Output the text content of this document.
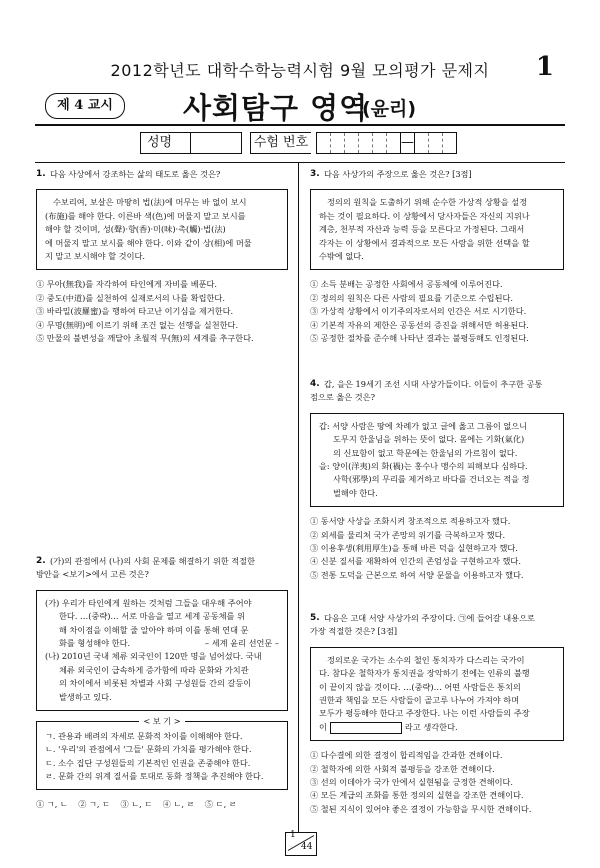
2012학년도 대학수학능력시험 9월 모의평가 문제지	1
제 4 교시	사회탐구 영역
(윤리)
성명	수험 번호	—

1. 다음 사상에서 강조하는 삶의 태도로 옳은 것은?

수보리여, 보살은 마땅히 법(法)에 머무는 바 없이 보시

(布施)를 해야 한다. 이른바 색(色)에 머물지 말고 보시를
해야 할 것이며, 성(聲)·향(香)·미(味)·촉(觸)·법(法)
에 머물지 말고 보시를 해야 한다. 이와 같이 상(相)에 머물
지 말고 보시해야 할 것이다.
① 무아(無我)를 자각하여 타인에게 자비를 베푼다.
② 중도(中道)를 실천하여 실재로서의 나를 확립한다.
③ 바라밀(波羅蜜)을 행하여 타고난 이기심을 제거한다.
④ 무명(無明)에 이르기 위해 조건 없는 선행을 실천한다.
⑤ 만물의 불변성을 깨달아 초월적 무(無)의 세계를 추구한다.

2. (가)의 관점에서 (나)의 사회 문제를 해결하기 위한 적절한

방안을 <보기>에서 고른 것은?
(가) 우리가 타인에게 원하는 것처럼 그들을 대우해 주어야
한다. …(중략)… 서로 마음을 열고 세계 공동체를 위
해 차이점을 이해할 줄 알아야 하며 이를 통해 연대 문
화를 형성해야 한다.	– 세계 윤리 선언문 –
(나) 2010년 국내 체류 외국인이 120만 명을 넘어섰다. 국내
체류 외국인이 급속하게 증가함에 따라 문화와 가치관
의 차이에서 비롯된 차별과 사회 구성원들 간의 갈등이
발생하고 있다.
< 보 기 >
ㄱ. 관용과 배려의 자세로 문화적 차이를 이해해야 한다.
ㄴ. '우리'의 관점에서 '그들' 문화의 가치를 평가해야 한다.
ㄷ. 소수 집단 구성원들의 기본적인 인권을 존중해야 한다.
ㄹ. 문화 간의 위계 질서를 토대로 동화 정책을 추진해야 한다.
① ㄱ, ㄴ    ② ㄱ, ㄷ    ③ ㄴ, ㄷ    ④ ㄴ, ㄹ    ⑤ ㄷ, ㄹ

3. 다음 사상가의 주장으로 옳은 것은? [3점]

정의의 원칙을 도출하기 위해 순수한 가상적 상황을 설정

하는 것이 필요하다. 이 상황에서 당사자들은 자신의 지위나
계층, 천부적 자산과 능력 등을 모른다고 가정된다. 그래서
각자는 이 상황에서 결과적으로 모든 사람을 위한 선택을 할
수밖에 없다.
① 소득 분배는 공정한 사회에서 공동체에 이루어진다.
② 정의의 원칙은 다른 사람의 필요를 기준으로 수립된다.
③ 가상적 상황에서 이기주의자로서의 인간은 서로 시기한다.
④ 기본적 자유의 제한은 공동선의 증진을 위해서만 허용된다.
⑤ 공정한 절차를 준수해 나타난 결과는 불평등해도 인정된다.

4. 갑, 을은 19세기 조선 시대 사상가들이다. 이들이 추구한 공통

점으로 옳은 것은?
갑: 서양 사람은 땅에 차례가 없고 글에 옳고 그름이 없으니
도무지 한울님을 위하는 뜻이 없다. 몸에는 기화(氣化)
의 신묘함이 없고 학문에는 한울님의 가르침이 없다.
을: 양이(洋夷)의 화(禍)는 홍수나 맹수의 피해보다 심하다.
사학(邪學)의 무리를 제거하고 바다를 건너오는 적을 정
벌해야 한다.
① 동서양 사상을 조화시켜 창조적으로 적용하고자 했다.
② 외세를 물리쳐 국가 존망의 위기를 극복하고자 했다.
③ 이용후생(利用厚生)을 통해 바른 덕을 실현하고자 했다.
④ 신분 질서를 재확하여 인간의 존엄성을 구현하고자 했다.
⑤ 전통 도덕을 근본으로 하여 서양 문물을 이용하고자 했다.

5. 다음은 고대 서양 사상가의 주장이다. ㉠에 들어갈 내용으로

가장 적절한 것은? [3점]

정의로운 국가는 소수의 철인 통치자가 다스리는 국가이

다. 참다운 철학자가 통치권을 장악하기 전에는 인류의 불행
이 끝이지 않을 것이다. …(중략)… 어떤 사람들은 통치의
권한과 책임을 모든 사람들이 골고루 나누어 가져야 하며
모두가 평등해야 한다고 주장한다. 나는 이런 사람들의 주장
이	라고 생각한다.
① 다수결에 의한 결정이 합리적임을 간과한 견해이다.
② 철학자에 의한 사회적 불평등을 강조한 견해이다.
③ 선의 이데아가 국가 안에서 실현됨을 긍정한 견해이다.
④ 모든 계급의 조화를 통한 정의의 실현을 강조한 견해이다.
⑤ 철된 지식이 있어야 좋은 결정이 가능함을 무시한 견해이다.
1
44
